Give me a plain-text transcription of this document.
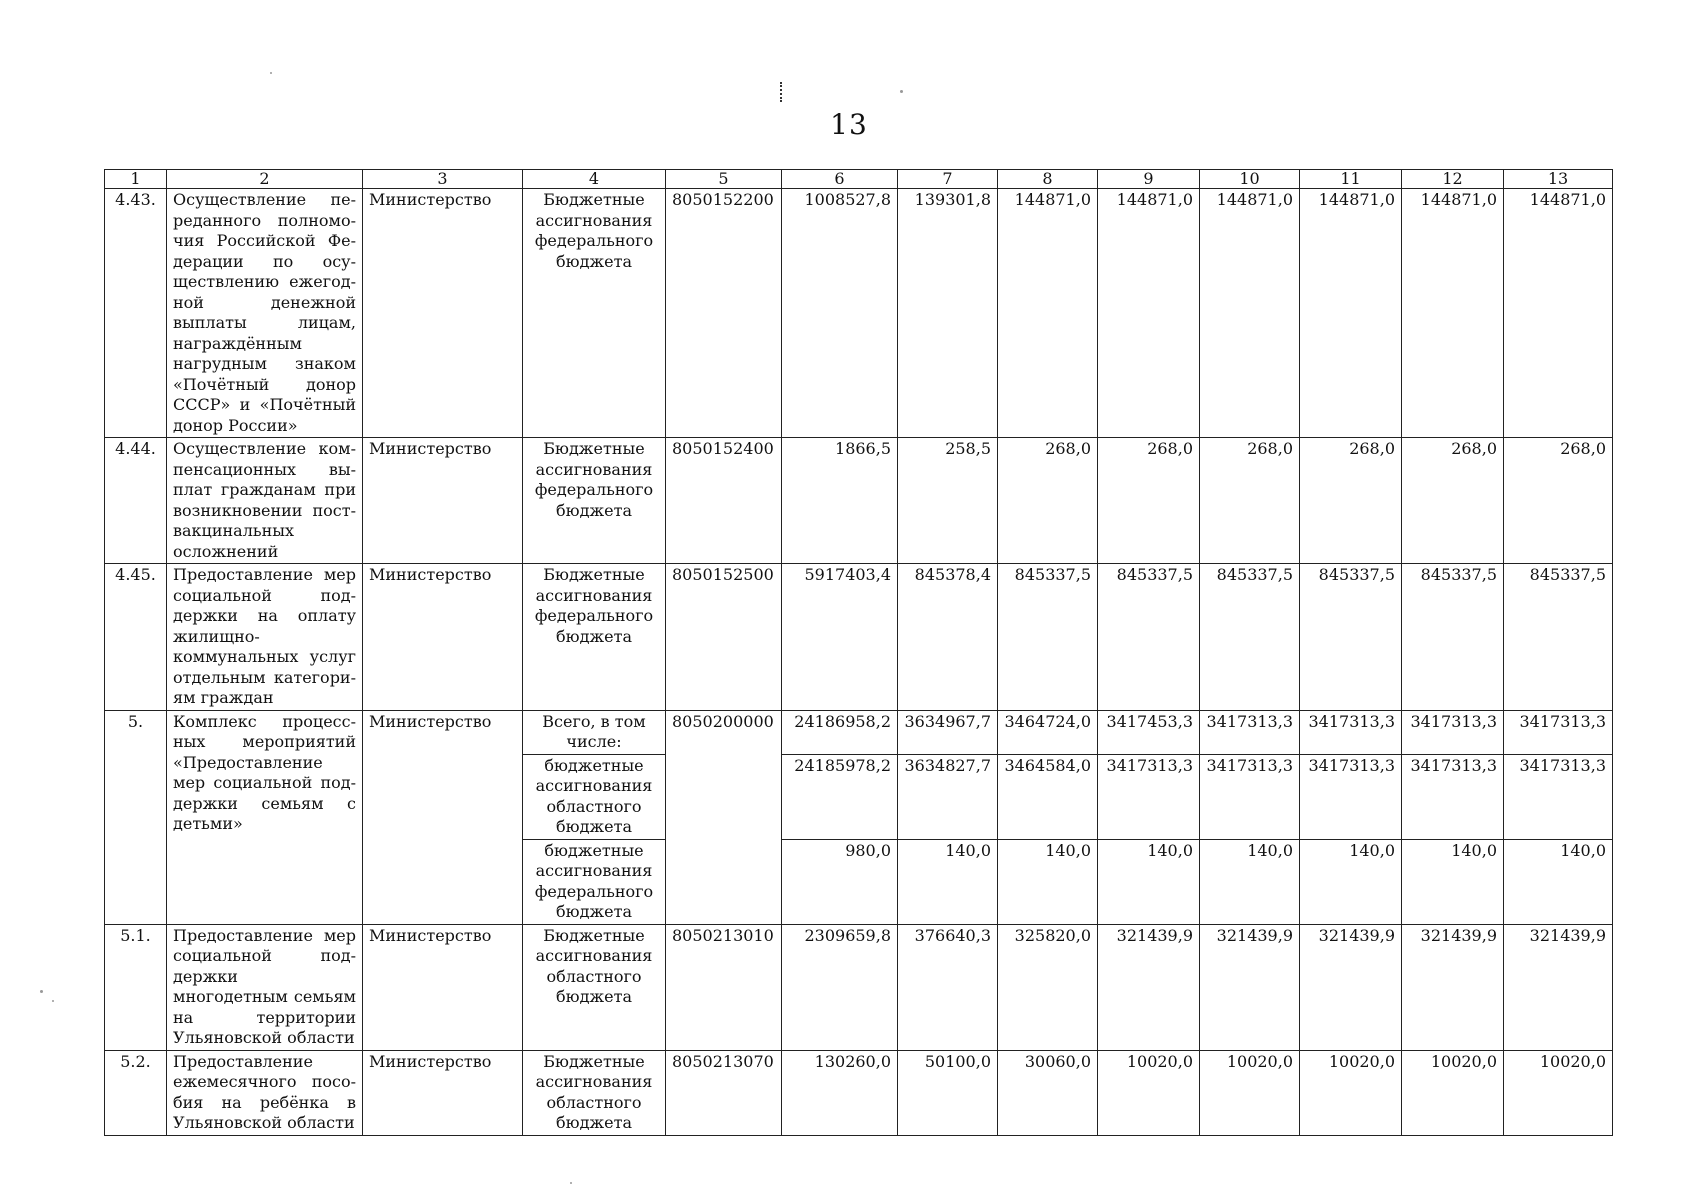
13
1	2	3	4	5	6	7	8	9	10	11	12	13
4.43.	Осуществление переданного полномочия Российской Федерации по осуществлению ежегодной денежной выплаты лицам, награждённым нагрудным знаком «Почётный донор СССР» и «Почётный донор России»	Министерство	Бюджетные ассигнования федерального бюджета	8050152200	1008527,8	139301,8	144871,0	144871,0	144871,0	144871,0	144871,0	144871,0
4.44.	Осуществление компенсационных выплат гражданам при возникновении поствакцинальных осложнений	Министерство	Бюджетные ассигнования федерального бюджета	8050152400	1866,5	258,5	268,0	268,0	268,0	268,0	268,0	268,0
4.45.	Предоставление мер социальной поддержки на оплату жилищно-коммунальных услуг отдельным категориям граждан	Министерство	Бюджетные ассигнования федерального бюджета	8050152500	5917403,4	845378,4	845337,5	845337,5	845337,5	845337,5	845337,5	845337,5
5.	Комплекс процессных мероприятий «Предоставление мер социальной поддержки семьям с детьми»	Министерство	Всего, в том числе:	8050200000	24186958,2	3634967,7	3464724,0	3417453,3	3417313,3	3417313,3	3417313,3	3417313,3
			бюджетные ассигнования областного бюджета		24185978,2	3634827,7	3464584,0	3417313,3	3417313,3	3417313,3	3417313,3	3417313,3
			бюджетные ассигнования федерального бюджета		980,0	140,0	140,0	140,0	140,0	140,0	140,0	140,0
5.1.	Предоставление мер социальной поддержки многодетным семьям на территории Ульяновской области	Министерство	Бюджетные ассигнования областного бюджета	8050213010	2309659,8	376640,3	325820,0	321439,9	321439,9	321439,9	321439,9	321439,9
5.2.	Предоставление ежемесячного пособия на ребёнка в Ульяновской области	Министерство	Бюджетные ассигнования областного бюджета	8050213070	130260,0	50100,0	30060,0	10020,0	10020,0	10020,0	10020,0	10020,0
